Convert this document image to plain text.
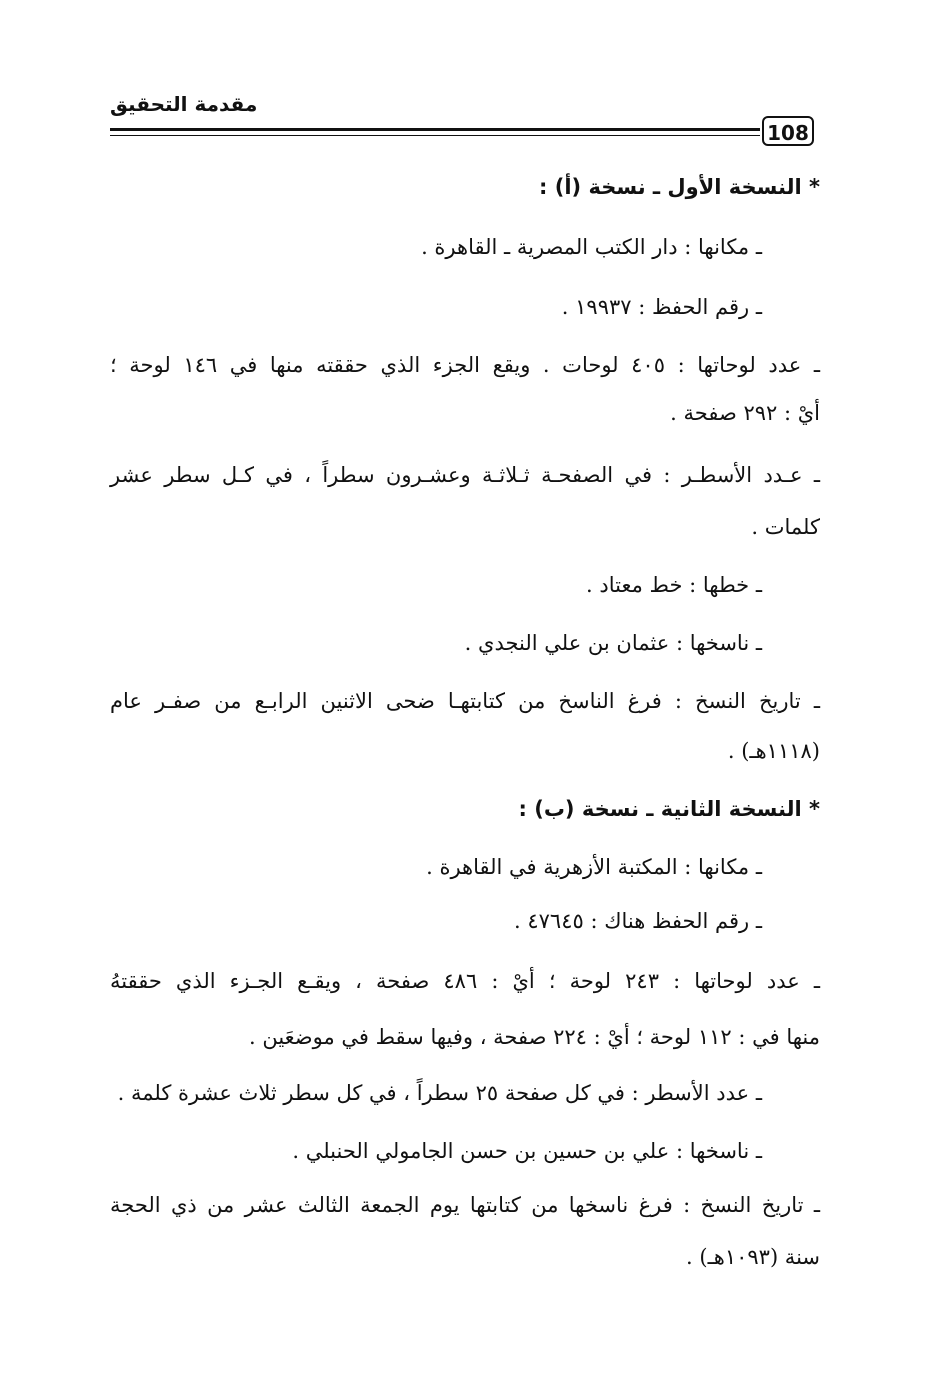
مقدمة التحقيق
108
* النسخة الأول ـ نسخة (أ) :
ـ مكانها : دار الكتب المصرية ـ القاهرة .
ـ رقم الحفظ : ١٩٩٣٧ .
ـ عدد لوحاتها : ٤٠٥ لوحات . ويقع الجزء الذي حققته منها في ١٤٦ لوحة ؛
أيْ : ٢٩٢ صفحة .
ـ عـدد الأسطـر : في الصفحـة ثـلاثـة وعشـرون سطراً ، في كـل سطر عشر
كلمات .
ـ خطها : خط معتاد .
ـ ناسخها : عثمان بن علي النجدي .
ـ تاريخ النسخ : فرغ الناسخ من كتابتهـا ضحى الاثنين الرابـع من صفـر عام
(١١١٨هـ) .
* النسخة الثانية ـ نسخة (ب) :
ـ مكانها : المكتبة الأزهرية في القاهرة .
ـ رقم الحفظ هناك : ٤٧٦٤٥ .
ـ عدد لوحاتها : ٢٤٣ لوحة ؛ أيْ : ٤٨٦ صفحة ، ويقـع الجـزء الذي حققتهُ
منها في : ١١٢ لوحة ؛ أيْ : ٢٢٤ صفحة ، وفيها سقط في موضعَين .
ـ عدد الأسطر : في كل صفحة ٢٥ سطراً ، في كل سطر ثلاث عشرة كلمة .
ـ ناسخها : علي بن حسين بن حسن الجامولي الحنبلي .
ـ تاريخ النسخ : فرغ ناسخها من كتابتها يوم الجمعة الثالث عشر من ذي الحجة
سنة (١٠٩٣هـ) .
